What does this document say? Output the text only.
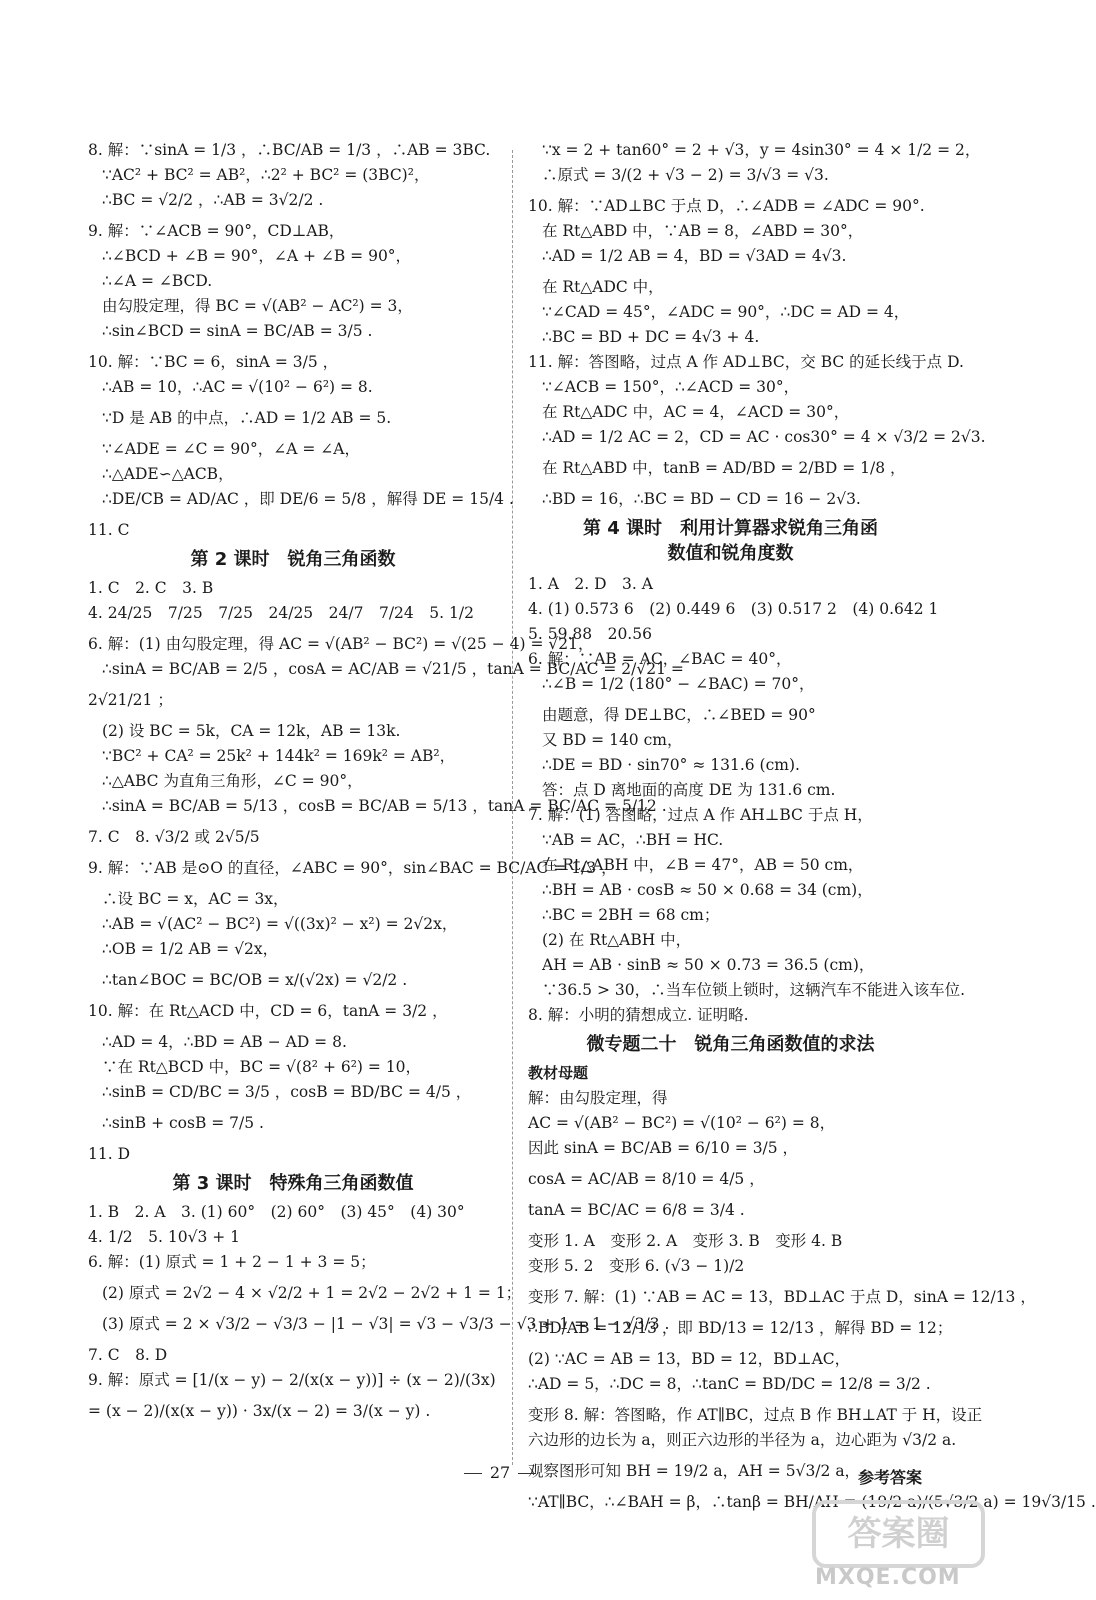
8. 解：∵sinA = 1/3 ，∴BC/AB = 1/3 ，∴AB = 3BC.
∵AC² + BC² = AB²，∴2² + BC² = (3BC)²，
∴BC = √2/2 ，∴AB = 3√2/2 .
9. 解：∵∠ACB = 90°，CD⊥AB，
∴∠BCD + ∠B = 90°，∠A + ∠B = 90°，
∴∠A = ∠BCD.
由勾股定理，得 BC = √(AB² − AC²) = 3，
∴sin∠BCD = sinA = BC/AB = 3/5 .
10. 解：∵BC = 6，sinA = 3/5 ，
∴AB = 10，∴AC = √(10² − 6²) = 8.
∵D 是 AB 的中点，∴AD = 1/2 AB = 5.
∵∠ADE = ∠C = 90°，∠A = ∠A，
∴△ADE∽△ACB，
∴DE/CB = AD/AC ，即 DE/6 = 5/8 ，解得 DE = 15/4 .
11. C
第 2 课时　锐角三角函数
1. C　2. C　3. B
4. 24/25　7/25　7/25　24/25　24/7　7/24　5. 1/2
6. 解：(1) 由勾股定理，得 AC = √(AB² − BC²) = √(25 − 4) = √21，
∴sinA = BC/AB = 2/5 ，cosA = AC/AB = √21/5 ，tanA = BC/AC = 2/√21 =
2√21/21 ；
(2) 设 BC = 5k，CA = 12k，AB = 13k.
∵BC² + CA² = 25k² + 144k² = 169k² = AB²，
∴△ABC 为直角三角形，∠C = 90°，
∴sinA = BC/AB = 5/13 ，cosB = BC/AB = 5/13 ，tanA = BC/AC = 5/12 .
7. C　8. √3/2 或 2√5/5
9. 解：∵AB 是⊙O 的直径，∠ABC = 90°，sin∠BAC = BC/AC = 1/3 ，
∴设 BC = x，AC = 3x，
∴AB = √(AC² − BC²) = √((3x)² − x²) = 2√2x，
∴OB = 1/2 AB = √2x，
∴tan∠BOC = BC/OB = x/(√2x) = √2/2 .
10. 解：在 Rt△ACD 中，CD = 6，tanA = 3/2 ，
∴AD = 4，∴BD = AB − AD = 8.
∵在 Rt△BCD 中，BC = √(8² + 6²) = 10，
∴sinB = CD/BC = 3/5 ，cosB = BD/BC = 4/5 ，
∴sinB + cosB = 7/5 .
11. D
第 3 课时　特殊角三角函数值
1. B　2. A　3. (1) 60°　(2) 60°　(3) 45°　(4) 30°
4. 1/2　5. 10√3 + 1
6. 解：(1) 原式 = 1 + 2 − 1 + 3 = 5；
(2) 原式 = 2√2 − 4 × √2/2 + 1 = 2√2 − 2√2 + 1 = 1；
(3) 原式 = 2 × √3/2 − √3/3 − |1 − √3| = √3 − √3/3 − √3 + 1 = 1 − √3/3 .
7. C　8. D
9. 解：原式 = [1/(x − y) − 2/(x(x − y))] ÷ (x − 2)/(3x)
= (x − 2)/(x(x − y)) · 3x/(x − 2) = 3/(x − y) .
∵x = 2 + tan60° = 2 + √3，y = 4sin30° = 4 × 1/2 = 2，
∴原式 = 3/(2 + √3 − 2) = 3/√3 = √3.
10. 解：∵AD⊥BC 于点 D，∴∠ADB = ∠ADC = 90°.
在 Rt△ABD 中，∵AB = 8，∠ABD = 30°，
∴AD = 1/2 AB = 4，BD = √3AD = 4√3.
在 Rt△ADC 中，
∵∠CAD = 45°，∠ADC = 90°，∴DC = AD = 4，
∴BC = BD + DC = 4√3 + 4.
11. 解：答图略，过点 A 作 AD⊥BC，交 BC 的延长线于点 D.
∵∠ACB = 150°，∴∠ACD = 30°，
在 Rt△ADC 中，AC = 4，∠ACD = 30°，
∴AD = 1/2 AC = 2，CD = AC · cos30° = 4 × √3/2 = 2√3.
在 Rt△ABD 中，tanB = AD/BD = 2/BD = 1/8 ，
∴BD = 16，∴BC = BD − CD = 16 − 2√3.
第 4 课时　利用计算器求锐角三角函
数值和锐角度数
1. A　2. D　3. A
4. (1) 0.573 6　(2) 0.449 6　(3) 0.517 2　(4) 0.642 1
5. 59.88　20.56
6. 解：∵AB = AC，∠BAC = 40°，
∴∠B = 1/2 (180° − ∠BAC) = 70°，
由题意，得 DE⊥BC，∴∠BED = 90°
又 BD = 140 cm，
∴DE = BD · sin70° ≈ 131.6 (cm).
答：点 D 离地面的高度 DE 为 131.6 cm.
7. 解：(1) 答图略，过点 A 作 AH⊥BC 于点 H，
∵AB = AC，∴BH = HC.
在 Rt△ABH 中，∠B = 47°，AB = 50 cm，
∴BH = AB · cosB ≈ 50 × 0.68 = 34 (cm)，
∴BC = 2BH = 68 cm；
(2) 在 Rt△ABH 中，
AH = AB · sinB ≈ 50 × 0.73 = 36.5 (cm)，
∵36.5 > 30，∴当车位锁上锁时，这辆汽车不能进入该车位.
8. 解：小明的猜想成立. 证明略.
微专题二十　锐角三角函数值的求法
教材母题
解：由勾股定理，得
AC = √(AB² − BC²) = √(10² − 6²) = 8，
因此 sinA = BC/AB = 6/10 = 3/5 ，
cosA = AC/AB = 8/10 = 4/5 ，
tanA = BC/AC = 6/8 = 3/4 .
变形 1. A　变形 2. A　变形 3. B　变形 4. B
变形 5. 2　变形 6. (√3 − 1)/2
变形 7. 解：(1) ∵AB = AC = 13，BD⊥AC 于点 D，sinA = 12/13 ，
∴BD/AB = 12/13 ，即 BD/13 = 12/13 ，解得 BD = 12；
(2) ∵AC = AB = 13，BD = 12，BD⊥AC，
∴AD = 5，∴DC = 8，∴tanC = BD/DC = 12/8 = 3/2 .
变形 8. 解：答图略，作 AT∥BC，过点 B 作 BH⊥AT 于 H，设正
六边形的边长为 a，则正六边形的半径为 a，边心距为 √3/2 a.
观察图形可知 BH = 19/2 a，AH = 5√3/2 a，
∵AT∥BC，∴∠BAH = β，∴tanβ = BH/AH = (19/2 a)/(5√3/2 a) = 19√3/15 .
27	参考答案
答案圈
MXQE.COM
